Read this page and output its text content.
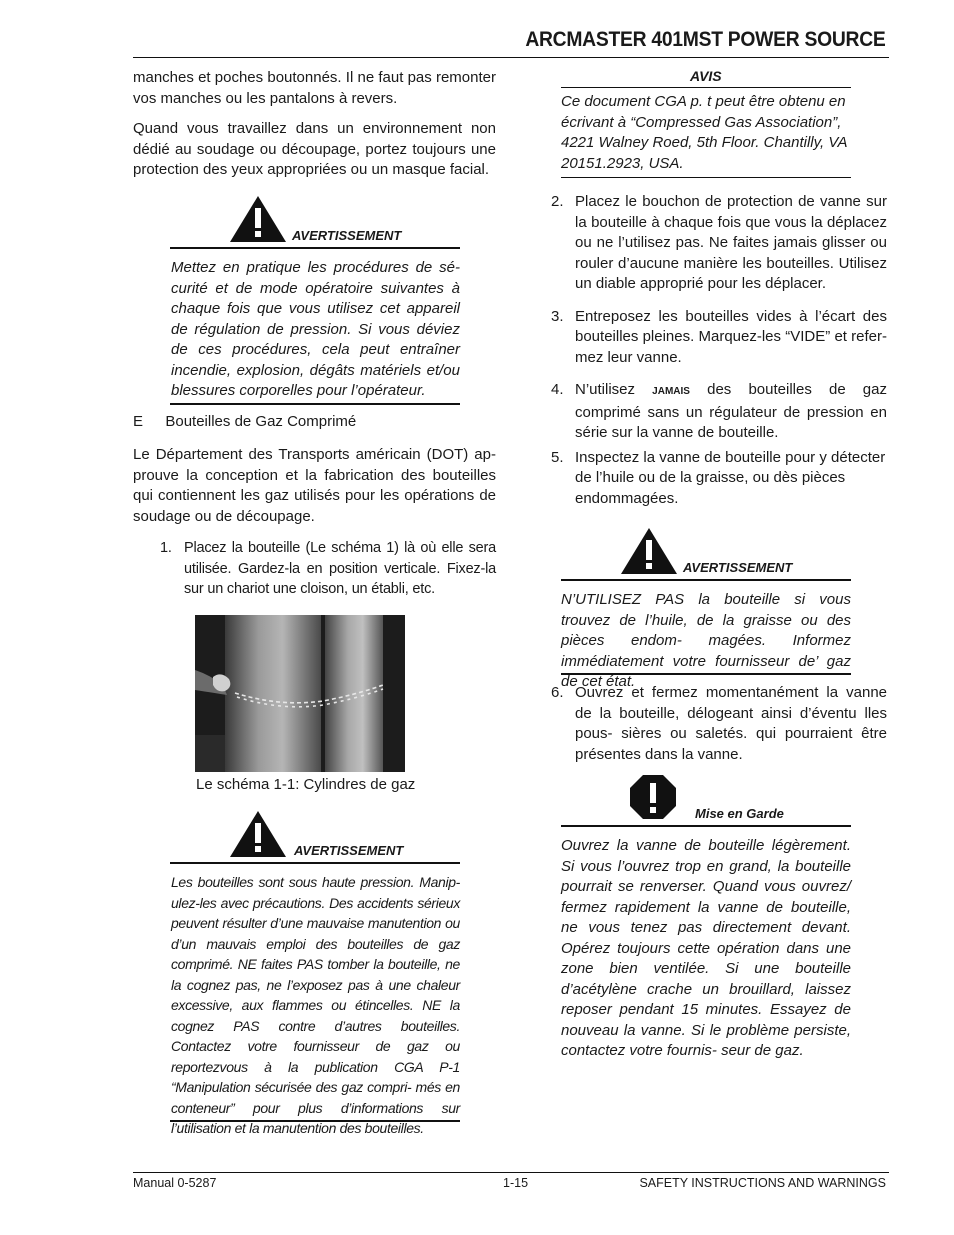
ARCMASTER 401MST POWER SOURCE

manches et poches boutonnés. Il ne faut pas remonter vos manches ou les pantalons à revers.

Quand vous travaillez dans un environnement non dédié au soudage ou découpage, portez toujours une protection des yeux appropriées ou un masque facial.

AVERTISSEMENT
Mettez en pratique les procédures de sé- curité et de mode opératoire suivantes à chaque fois que vous utilisez cet appareil de régulation de pression. Si vous déviez de ces procédures, cela peut entraîner incendie, explosion, dégâts matériels et/ou blessures corporelles pour l’opérateur.
E Bouteilles de Gaz Comprimé
Le Département des Transports américain (DOT) ap- prouve la conception et la fabrication des bouteilles qui contiennent les gaz utilisés pour les opérations de soudage ou de découpage.
1. Placez la bouteille (Le schéma 1) là où elle sera utilisée. Gardez-la en position verticale. Fixez-la sur un chariot une cloison, un établi, etc.
Le schéma 1-1: Cylindres de gaz
AVERTISSEMENT
Les bouteilles sont sous haute pression. Manip- ulez-les avec précautions. Des accidents sérieux peuvent résulter d’une mauvaise manutention ou d’un mauvais emploi des bouteilles de gaz comprimé. NE faites PAS tomber la bouteille, ne la cognez pas, ne l’exposez pas à une chaleur excessive, aux flammes ou étincelles. NE la cognez PAS contre d’autres bouteilles. Contactez votre fournisseur de gaz ou reportezvous à la publication CGA P-1 “Manipulation sécurisée des gaz compri- més en conteneur” pour plus d’informations sur l’utilisation et la manutention des bouteilles.
AVIS
Ce document CGA p. t peut être obtenu en écrivant à “Compressed Gas Association”, 4221 Walney Roed, 5th Floor. Chantilly, VA 20151.2923, USA.
2. Placez le bouchon de protection de vanne sur la bouteille à chaque fois que vous la déplacez ou ne l’utilisez pas. Ne faites jamais glisser ou rouler d’aucune manière les bouteilles. Utilisez un diable approprié pour les déplacer.
3. Entreposez les bouteilles vides à l’écart des bouteilles pleines. Marquez-les “VIDE” et refer- mez leur vanne.
4. N’utilisez JAMAIS des bouteilles de gaz comprimé sans un régulateur de pression en série sur la vanne de bouteille.
5. Inspectez la vanne de bouteille pour y détecter de l’huile ou de la graisse, ou dès pièces endommagées.
AVERTISSEMENT
N’UTILISEZ PAS la bouteille si vous trouvez de l’huile, de la graisse ou des pièces endom- magées. Informez immédiatement votre fournisseur de’ gaz de cet état.
6. Ouvrez et fermez momentanément la vanne de la bouteille, délogeant ainsi d’éventu lles pous- sières ou saletés. qui pourraient être présentes dans la vanne.
Mise en Garde
Ouvrez la vanne de bouteille légèrement. Si vous l’ouvrez trop en grand, la bouteille pourrait se renverser. Quand vous ouvrez/ fermez rapidement la vanne de bouteille, ne vous tenez pas directement devant. Opérez toujours cette opération dans une zone bien ventilée. Si une bouteille d’acétylène crache un brouillard, laissez reposer pendant 15 minutes. Essayez de nouveau la vanne. Si le problème persiste, contactez votre fournis- seur de gaz.
Manual 0-5287	1-15	SAFETY INSTRUCTIONS AND WARNINGS
